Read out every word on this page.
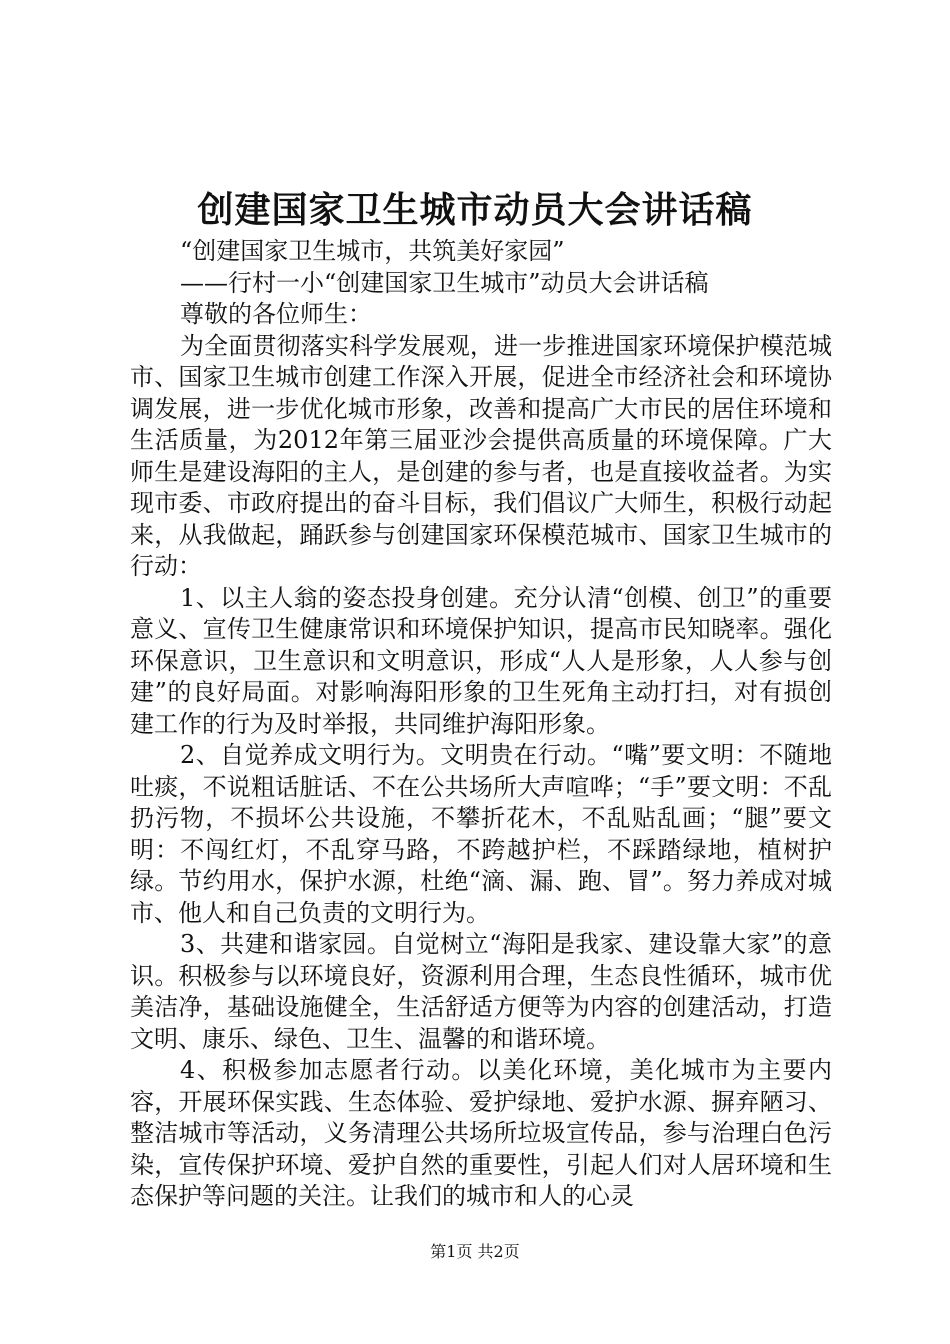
创建国家卫生城市动员大会讲话稿
“创建国家卫生城市，共筑美好家园”
——行村一小“创建国家卫生城市”动员大会讲话稿
尊敬的各位师生：

为全面贯彻落实科学发展观，进一步推进国家环境保护模范城市、国家卫生城市创建工作深入开展，促进全市经济社会和环境协调发展，进一步优化城市形象，改善和提高广大市民的居住环境和生活质量，为2012年第三届亚沙会提供高质量的环境保障。广大师生是建设海阳的主人，是创建的参与者，也是直接收益者。为实现市委、市政府提出的奋斗目标，我们倡议广大师生，积极行动起来，从我做起，踊跃参与创建国家环保模范城市、国家卫生城市的行动：

1、以主人翁的姿态投身创建。充分认清“创模、创卫”的重要意义、宣传卫生健康常识和环境保护知识，提高市民知晓率。强化环保意识，卫生意识和文明意识，形成“人人是形象，人人参与创建”的良好局面。对影响海阳形象的卫生死角主动打扫，对有损创建工作的行为及时举报，共同维护海阳形象。

2、自觉养成文明行为。文明贵在行动。“嘴”要文明：不随地吐痰，不说粗话脏话、不在公共场所大声喧哗；“手”要文明：不乱扔污物，不损坏公共设施，不攀折花木，不乱贴乱画；“腿”要文明：不闯红灯，不乱穿马路，不跨越护栏，不踩踏绿地，植树护绿。节约用水，保护水源，杜绝“滴、漏、跑、冒”。努力养成对城市、他人和自己负责的文明行为。

3、共建和谐家园。自觉树立“海阳是我家、建设靠大家”的意识。积极参与以环境良好，资源利用合理，生态良性循环，城市优美洁净，基础设施健全，生活舒适方便等为内容的创建活动，打造文明、康乐、绿色、卫生、温馨的和谐环境。

4、积极参加志愿者行动。以美化环境，美化城市为主要内容，开展环保实践、生态体验、爱护绿地、爱护水源、摒弃陋习、整洁城市等活动，义务清理公共场所垃圾宣传品，参与治理白色污染，宣传保护环境、爱护自然的重要性，引起人们对人居环境和生态保护等问题的关注。让我们的城市和人的心灵

第1页 共2页
